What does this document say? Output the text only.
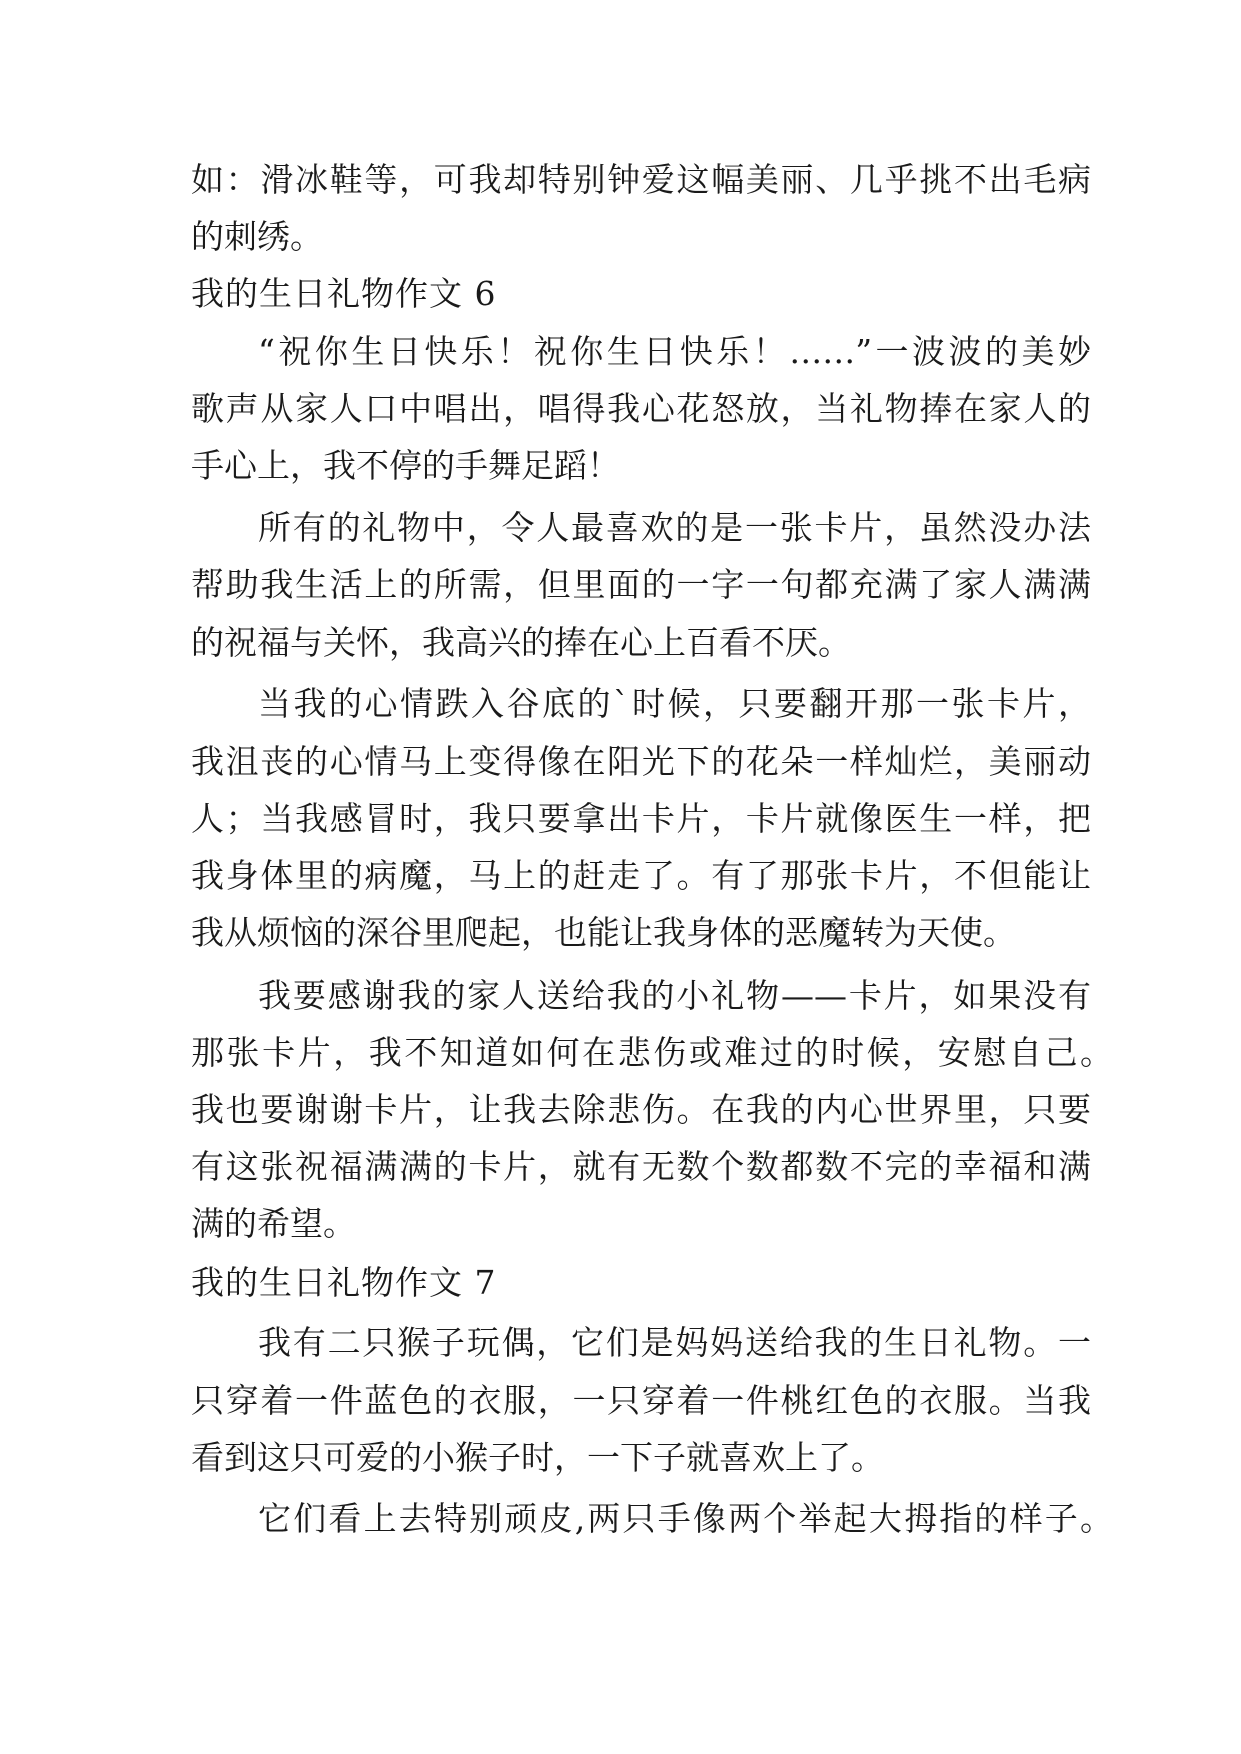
如：滑冰鞋等，可我却特别钟爱这幅美丽、几乎挑不出毛病
的刺绣。
我的生日礼物作文 6
“祝你生日快乐！祝你生日快乐！……”一波波的美妙
歌声从家人口中唱出，唱得我心花怒放，当礼物捧在家人的
手心上，我不停的手舞足蹈！
所有的礼物中，令人最喜欢的是一张卡片，虽然没办法
帮助我生活上的所需，但里面的一字一句都充满了家人满满
的祝福与关怀，我高兴的捧在心上百看不厌。
当我的心情跌入谷底的`时候，只要翻开那一张卡片，
我沮丧的心情马上变得像在阳光下的花朵一样灿烂，美丽动
人；当我感冒时，我只要拿出卡片，卡片就像医生一样，把
我身体里的病魔，马上的赶走了。有了那张卡片，不但能让
我从烦恼的深谷里爬起，也能让我身体的恶魔转为天使。
我要感谢我的家人送给我的小礼物——卡片，如果没有
那张卡片，我不知道如何在悲伤或难过的时候，安慰自己。
我也要谢谢卡片，让我去除悲伤。在我的内心世界里，只要
有这张祝福满满的卡片，就有无数个数都数不完的幸福和满
满的希望。
我的生日礼物作文 7
我有二只猴子玩偶，它们是妈妈送给我的生日礼物。一
只穿着一件蓝色的衣服，一只穿着一件桃红色的衣服。当我
看到这只可爱的小猴子时，一下子就喜欢上了。
它们看上去特别顽皮,两只手像两个举起大拇指的样子。
